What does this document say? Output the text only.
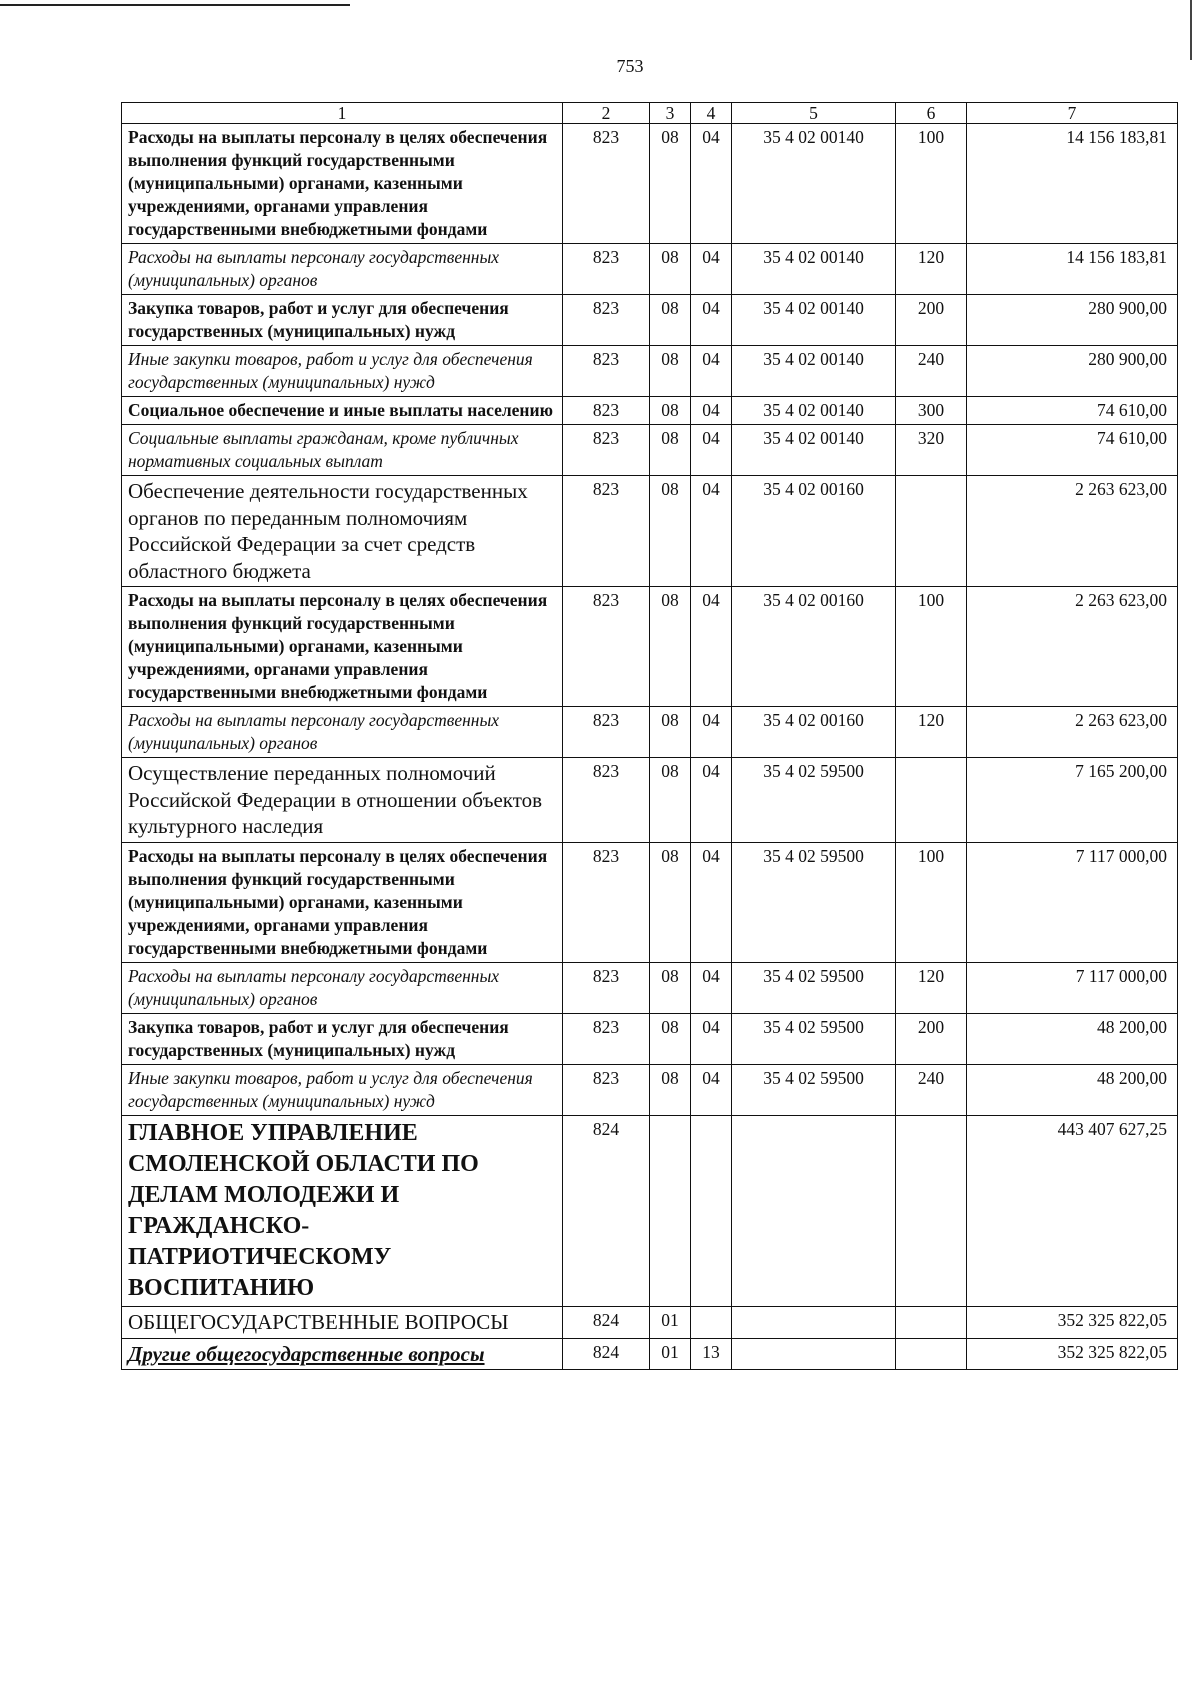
753
1	2	3	4	5	6	7
Расходы на выплаты персоналу в целях обеспечения выполнения функций государственными (муниципальными) органами, казенными учреждениями, органами управления государственными внебюджетными фондами	823	08	04	35 4 02 00140	100	14 156 183,81
Расходы на выплаты персоналу государственных (муниципальных) органов	823	08	04	35 4 02 00140	120	14 156 183,81
Закупка товаров, работ и услуг для обеспечения государственных (муниципальных) нужд	823	08	04	35 4 02 00140	200	280 900,00
Иные закупки товаров, работ и услуг для обеспечения государственных (муниципальных) нужд	823	08	04	35 4 02 00140	240	280 900,00
Социальное обеспечение и иные выплаты населению	823	08	04	35 4 02 00140	300	74 610,00
Социальные выплаты гражданам, кроме публичных нормативных социальных выплат	823	08	04	35 4 02 00140	320	74 610,00
Обеспечение деятельности государственных органов по переданным полномочиям Российской Федерации за счет средств областного бюджета	823	08	04	35 4 02 00160		2 263 623,00
Расходы на выплаты персоналу в целях обеспечения выполнения функций государственными (муниципальными) органами, казенными учреждениями, органами управления государственными внебюджетными фондами	823	08	04	35 4 02 00160	100	2 263 623,00
Расходы на выплаты персоналу государственных (муниципальных) органов	823	08	04	35 4 02 00160	120	2 263 623,00
Осуществление переданных полномочий Российской Федерации в отношении объектов культурного наследия	823	08	04	35 4 02 59500		7 165 200,00
Расходы на выплаты персоналу в целях обеспечения выполнения функций государственными (муниципальными) органами, казенными учреждениями, органами управления государственными внебюджетными фондами	823	08	04	35 4 02 59500	100	7 117 000,00
Расходы на выплаты персоналу государственных (муниципальных) органов	823	08	04	35 4 02 59500	120	7 117 000,00
Закупка товаров, работ и услуг для обеспечения государственных (муниципальных) нужд	823	08	04	35 4 02 59500	200	48 200,00
Иные закупки товаров, работ и услуг для обеспечения государственных (муниципальных) нужд	823	08	04	35 4 02 59500	240	48 200,00
ГЛАВНОЕ УПРАВЛЕНИЕ СМОЛЕНСКОЙ ОБЛАСТИ ПО ДЕЛАМ МОЛОДЕЖИ И ГРАЖДАНСКО-ПАТРИОТИЧЕСКОМУ ВОСПИТАНИЮ	824					443 407 627,25
ОБЩЕГОСУДАРСТВЕННЫЕ ВОПРОСЫ	824	01				352 325 822,05
Другие общегосударственные вопросы	824	01	13			352 325 822,05
